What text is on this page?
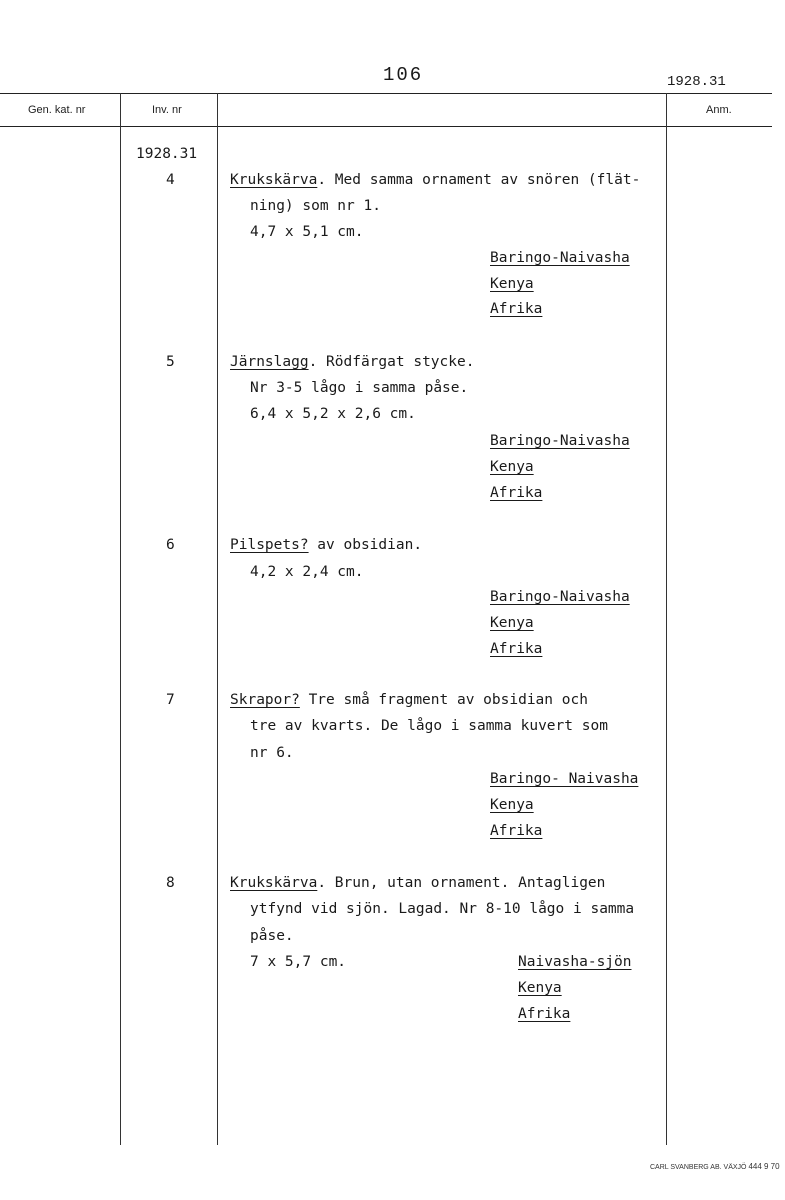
106	1928.31
Gen. kat. nr	Inv. nr	Anm.
1928.31
4	Krukskärva. Med samma ornament av snören (flät-
ning) som nr 1.
4,7 x 5,1 cm.
Baringo-Naivasha
Kenya
Afrika
5	Järnslagg. Rödfärgat stycke.
Nr 3-5 lågo i samma påse.
6,4 x 5,2 x 2,6 cm.
Baringo-Naivasha
Kenya
Afrika
6	Pilspets? av obsidian.
4,2 x 2,4 cm.
Baringo-Naivasha
Kenya
Afrika
7	Skrapor? Tre små fragment av obsidian och
tre av kvarts. De lågo i samma kuvert som
nr 6.
Baringo- Naivasha
Kenya
Afrika
8	Krukskärva. Brun, utan ornament. Antagligen
ytfynd vid sjön. Lagad. Nr 8-10 lågo i samma
påse.
7 x 5,7 cm.	Naivasha-sjön
Kenya
Afrika
CARL SVANBERG AB. VÄXJÖ 444 9 70
